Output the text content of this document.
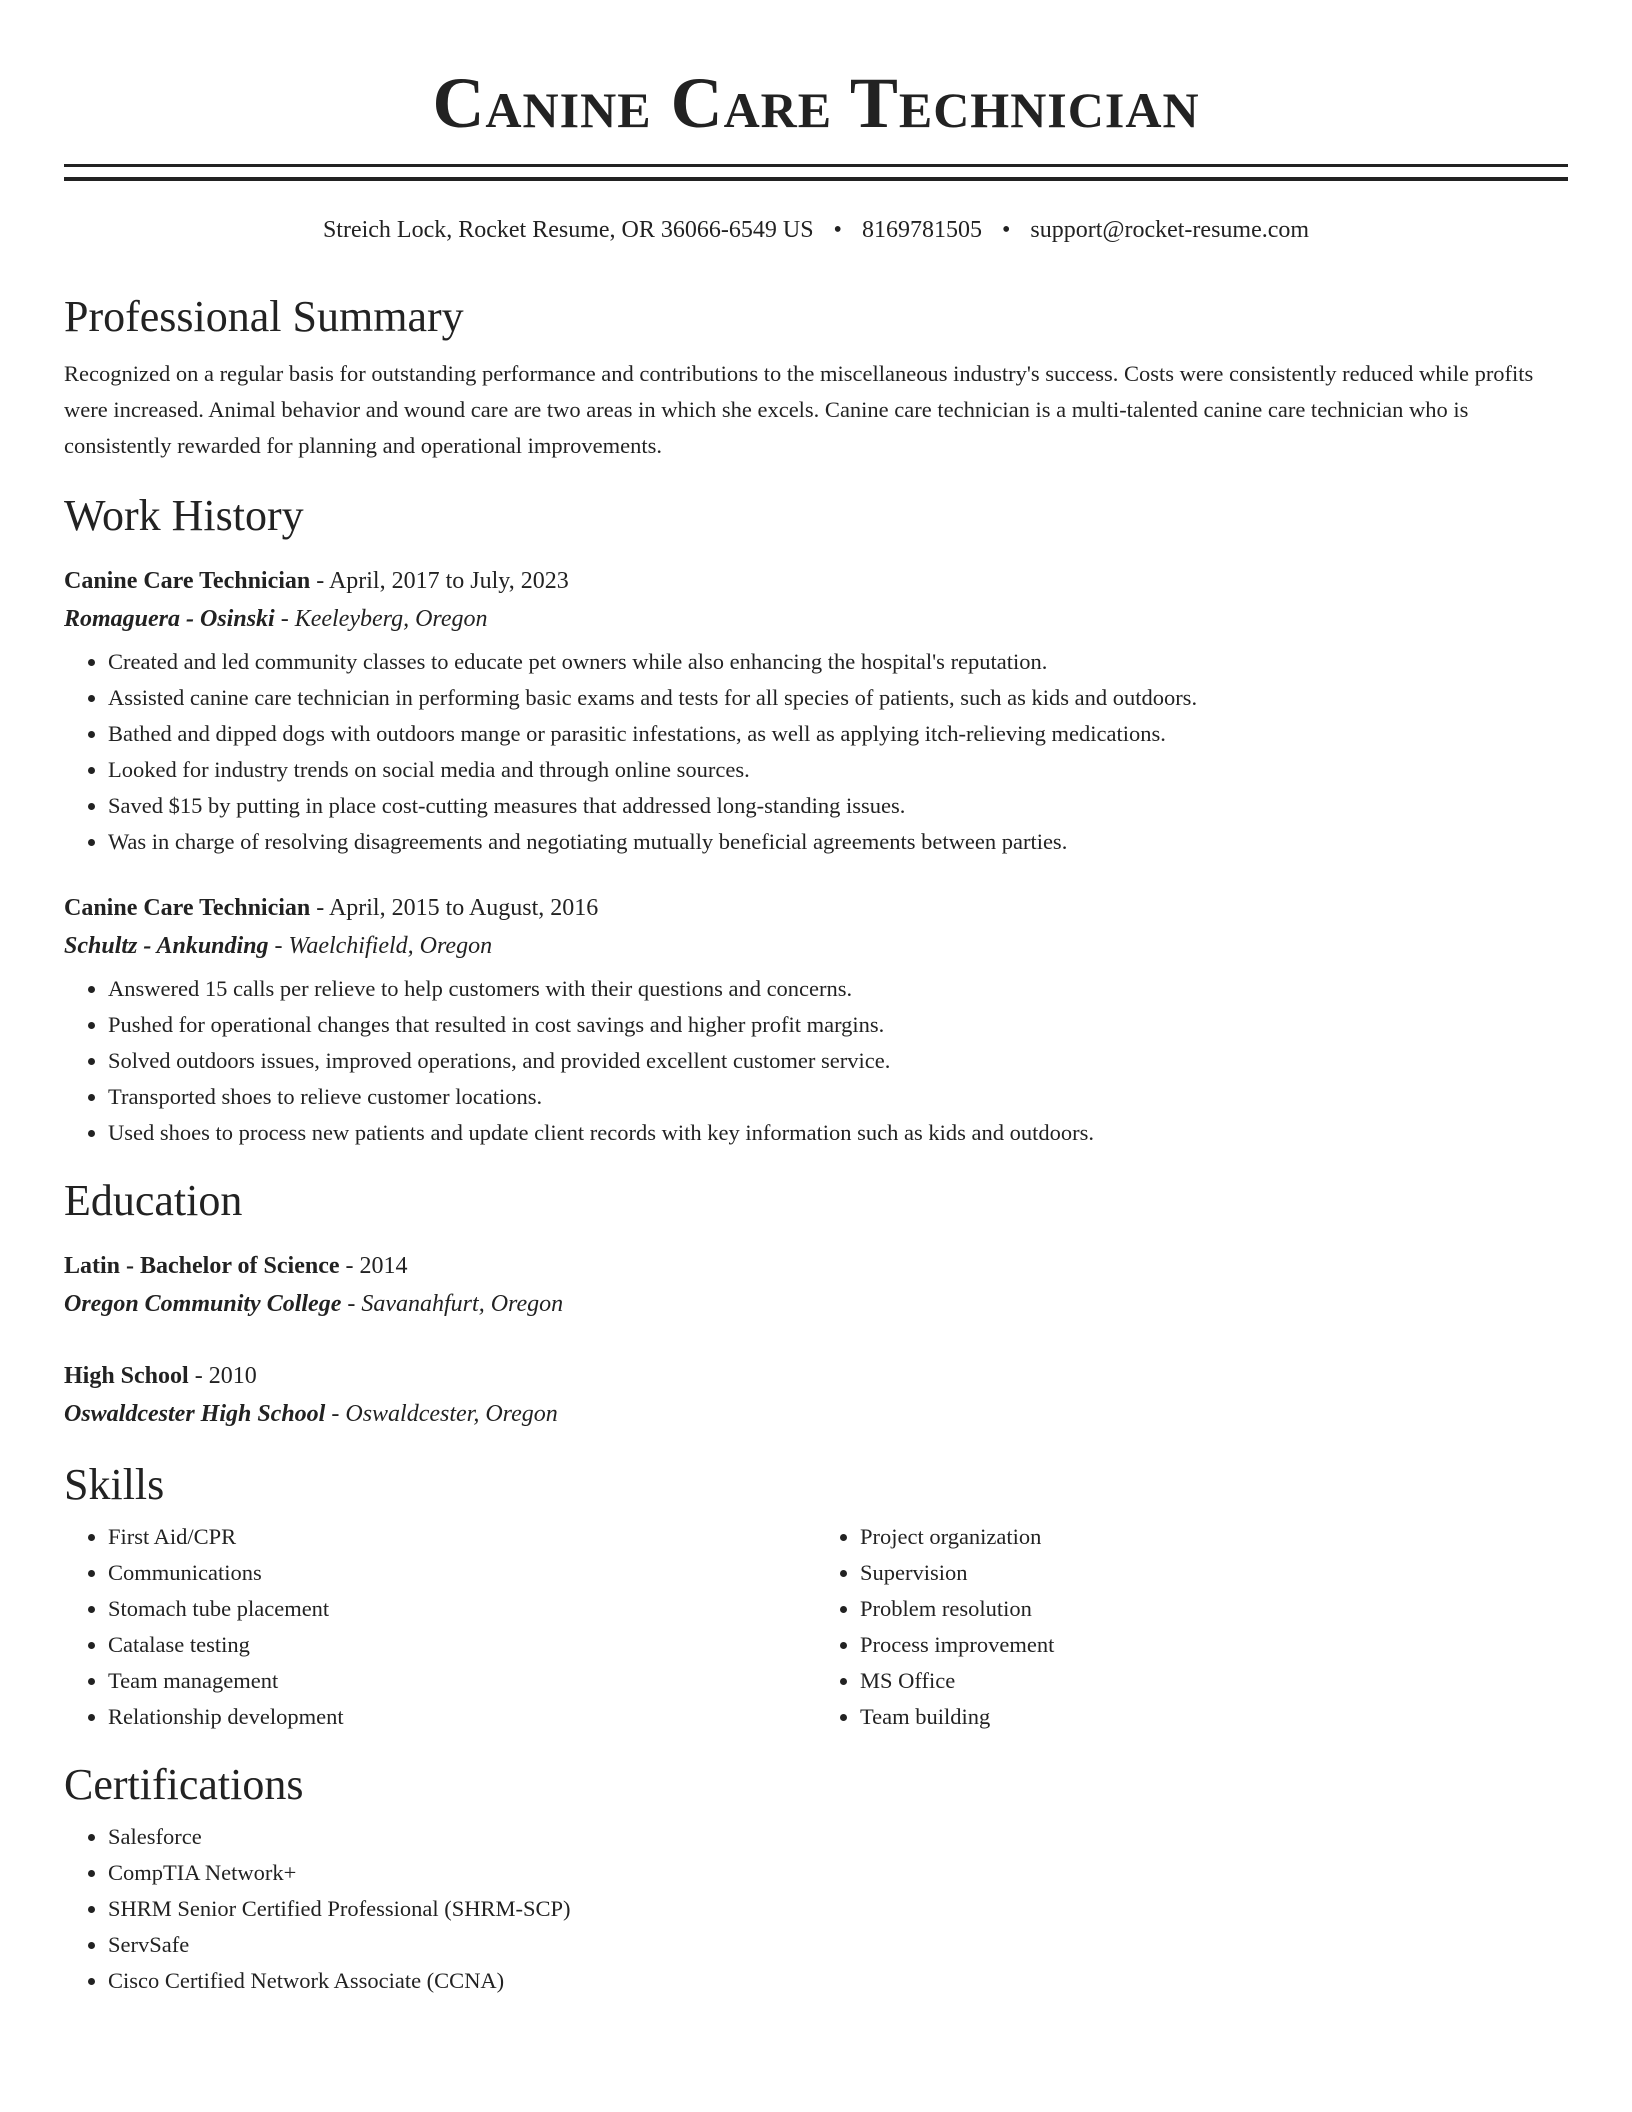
Canine Care Technician
Streich Lock, Rocket Resume, OR 36066-6549 US • 8169781505 • support@rocket-resume.com
Professional Summary
Recognized on a regular basis for outstanding performance and contributions to the miscellaneous industry's success. Costs were consistently reduced while profits were increased. Animal behavior and wound care are two areas in which she excels. Canine care technician is a multi-talented canine care technician who is consistently rewarded for planning and operational improvements.
Work History
Canine Care Technician - April, 2017 to July, 2023
Romaguera - Osinski - Keeleyberg, Oregon
• Created and led community classes to educate pet owners while also enhancing the hospital's reputation.
• Assisted canine care technician in performing basic exams and tests for all species of patients, such as kids and outdoors.
• Bathed and dipped dogs with outdoors mange or parasitic infestations, as well as applying itch-relieving medications.
• Looked for industry trends on social media and through online sources.
• Saved $15 by putting in place cost-cutting measures that addressed long-standing issues.
• Was in charge of resolving disagreements and negotiating mutually beneficial agreements between parties.
Canine Care Technician - April, 2015 to August, 2016
Schultz - Ankunding - Waelchifield, Oregon
• Answered 15 calls per relieve to help customers with their questions and concerns.
• Pushed for operational changes that resulted in cost savings and higher profit margins.
• Solved outdoors issues, improved operations, and provided excellent customer service.
• Transported shoes to relieve customer locations.
• Used shoes to process new patients and update client records with key information such as kids and outdoors.
Education
Latin - Bachelor of Science - 2014
Oregon Community College - Savanahfurt, Oregon
High School - 2010
Oswaldcester High School - Oswaldcester, Oregon
Skills
• First Aid/CPR
• Communications
• Stomach tube placement
• Catalase testing
• Team management
• Relationship development
• Project organization
• Supervision
• Problem resolution
• Process improvement
• MS Office
• Team building
Certifications
• Salesforce
• CompTIA Network+
• SHRM Senior Certified Professional (SHRM-SCP)
• ServSafe
• Cisco Certified Network Associate (CCNA)
